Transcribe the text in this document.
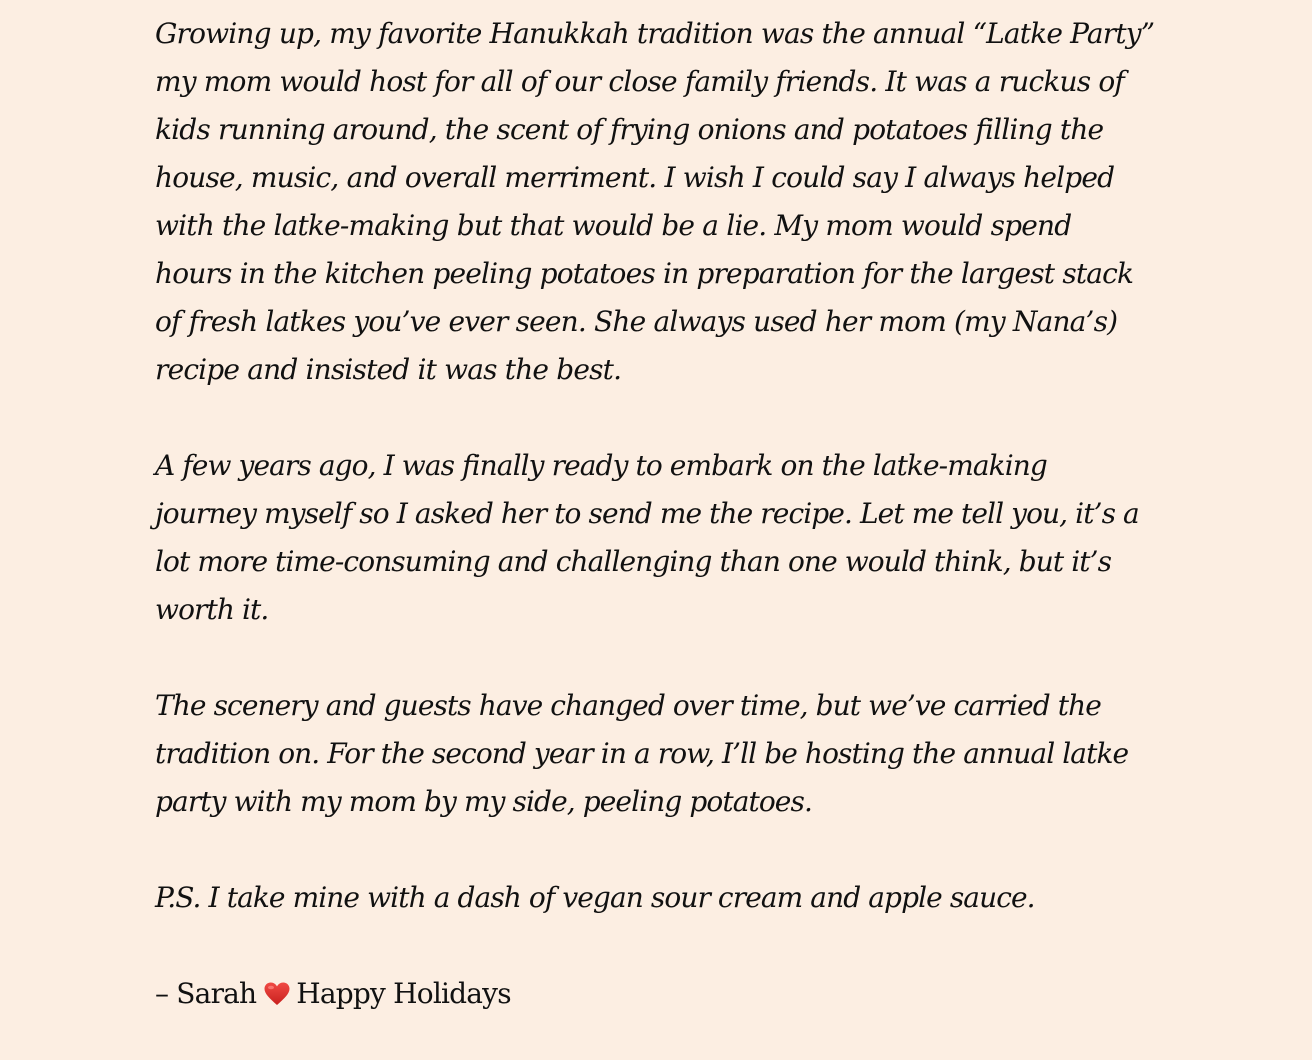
Growing up, my favorite Hanukkah tradition was the annual “Latke Party” my mom would host for all of our close family friends. It was a ruckus of kids running around, the scent of frying onions and potatoes filling the house, music, and overall merriment. I wish I could say I always helped with the latke-making but that would be a lie. My mom would spend hours in the kitchen peeling potatoes in preparation for the largest stack of fresh latkes you’ve ever seen. She always used her mom (my Nana’s) recipe and insisted it was the best.

A few years ago, I was finally ready to embark on the latke-making journey myself so I asked her to send me the recipe. Let me tell you, it’s a lot more time-consuming and challenging than one would think, but it’s worth it.

The scenery and guests have changed over time, but we’ve carried the tradition on. For the second year in a row, I’ll be hosting the annual latke party with my mom by my side, peeling potatoes.

P.S. I take mine with a dash of vegan sour cream and apple sauce.

– Sarah Happy Holidays
